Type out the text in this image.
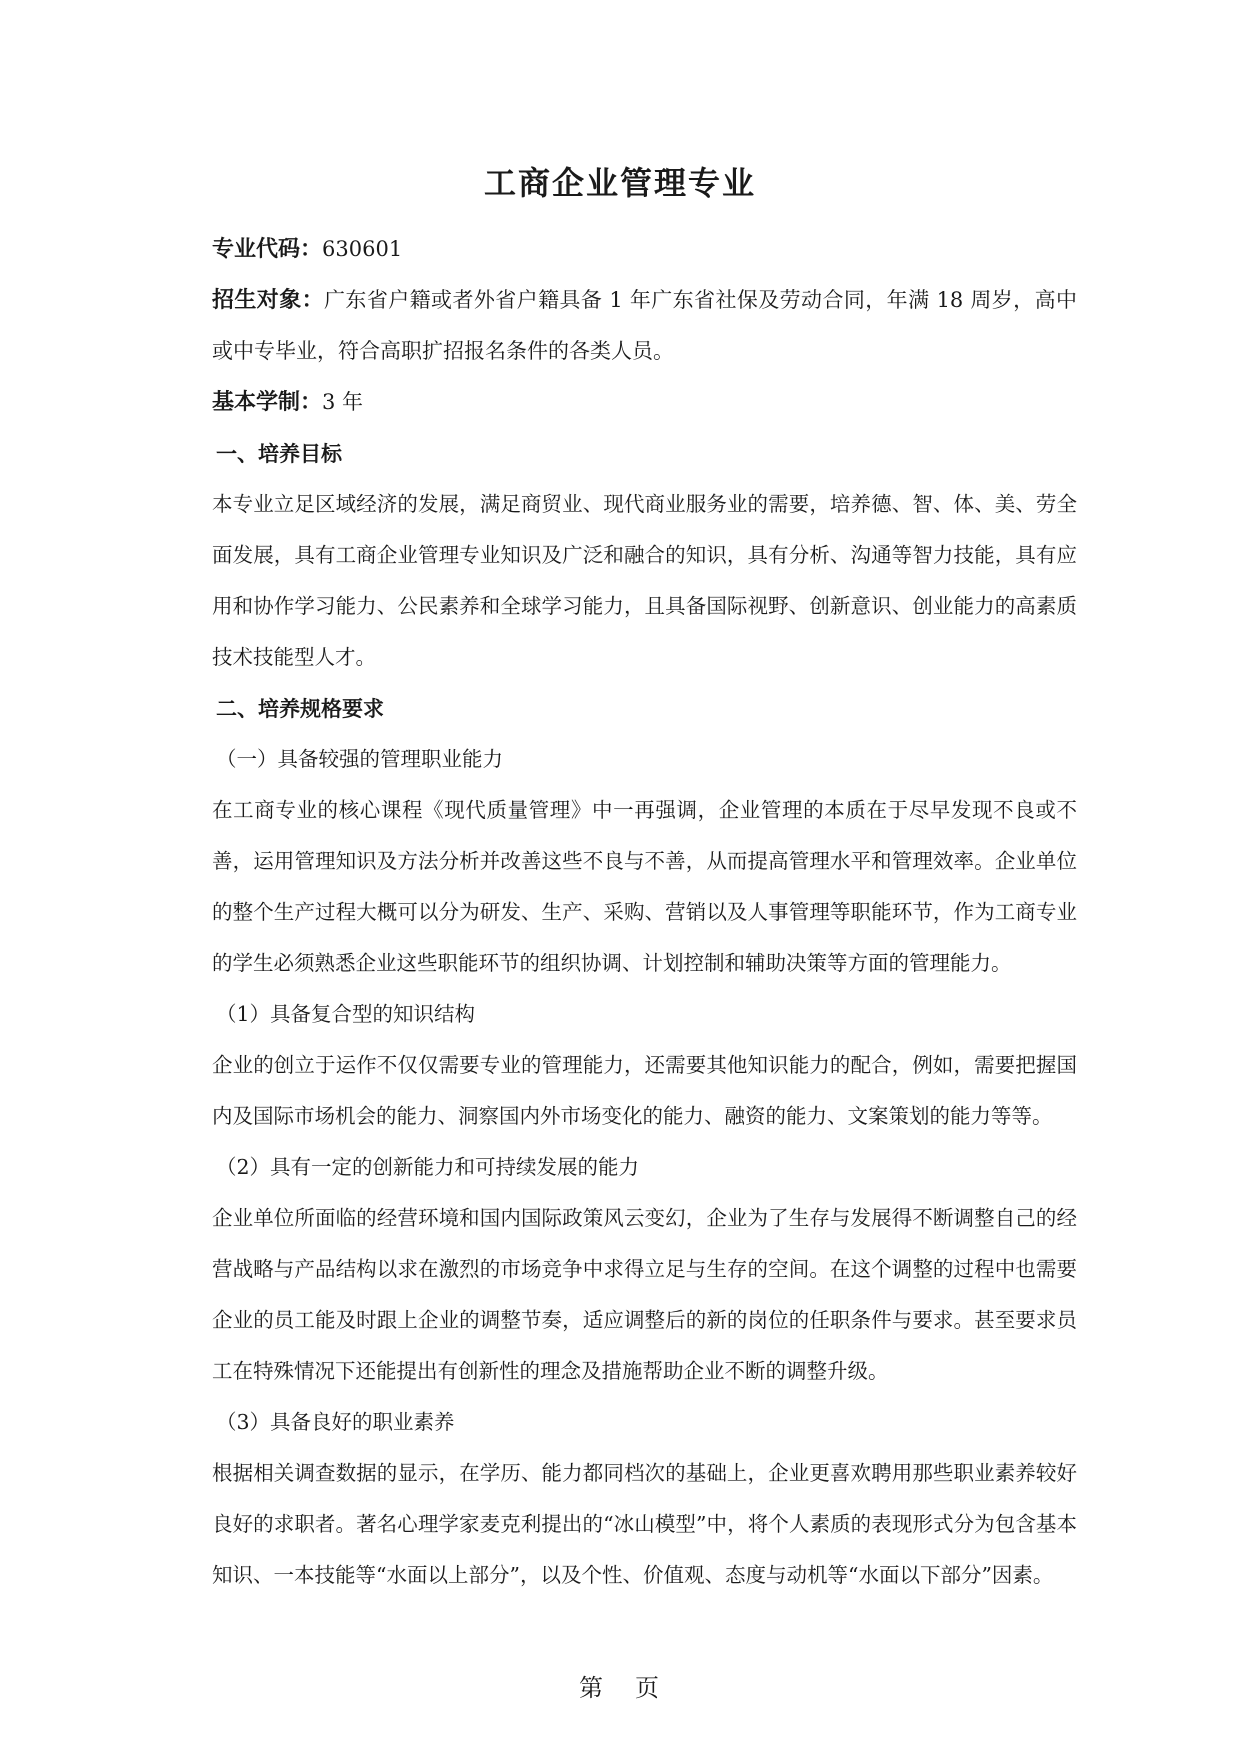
工商企业管理专业

专业代码：630601

招生对象：广东省户籍或者外省户籍具备 1 年广东省社保及劳动合同，年满 18 周岁，高中或中专毕业，符合高职扩招报名条件的各类人员。

基本学制：3 年

一、培养目标

本专业立足区域经济的发展，满足商贸业、现代商业服务业的需要，培养德、智、体、美、劳全面发展，具有工商企业管理专业知识及广泛和融合的知识，具有分析、沟通等智力技能，具有应用和协作学习能力、公民素养和全球学习能力，且具备国际视野、创新意识、创业能力的高素质技术技能型人才。

二、培养规格要求

（一）具备较强的管理职业能力

在工商专业的核心课程《现代质量管理》中一再强调，企业管理的本质在于尽早发现不良或不善，运用管理知识及方法分析并改善这些不良与不善，从而提高管理水平和管理效率。企业单位的整个生产过程大概可以分为研发、生产、采购、营销以及人事管理等职能环节，作为工商专业的学生必须熟悉企业这些职能环节的组织协调、计划控制和辅助决策等方面的管理能力。

（1）具备复合型的知识结构

企业的创立于运作不仅仅需要专业的管理能力，还需要其他知识能力的配合，例如，需要把握国内及国际市场机会的能力、洞察国内外市场变化的能力、融资的能力、文案策划的能力等等。

（2）具有一定的创新能力和可持续发展的能力

企业单位所面临的经营环境和国内国际政策风云变幻，企业为了生存与发展得不断调整自己的经营战略与产品结构以求在激烈的市场竞争中求得立足与生存的空间。在这个调整的过程中也需要企业的员工能及时跟上企业的调整节奏，适应调整后的新的岗位的任职条件与要求。甚至要求员工在特殊情况下还能提出有创新性的理念及措施帮助企业不断的调整升级。

（3）具备良好的职业素养

根据相关调查数据的显示，在学历、能力都同档次的基础上，企业更喜欢聘用那些职业素养较好良好的求职者。著名心理学家麦克利提出的“冰山模型”中，将个人素质的表现形式分为包含基本知识、一本技能等“水面以上部分”，以及个性、价值观、态度与动机等“水面以下部分”因素。

第 页
